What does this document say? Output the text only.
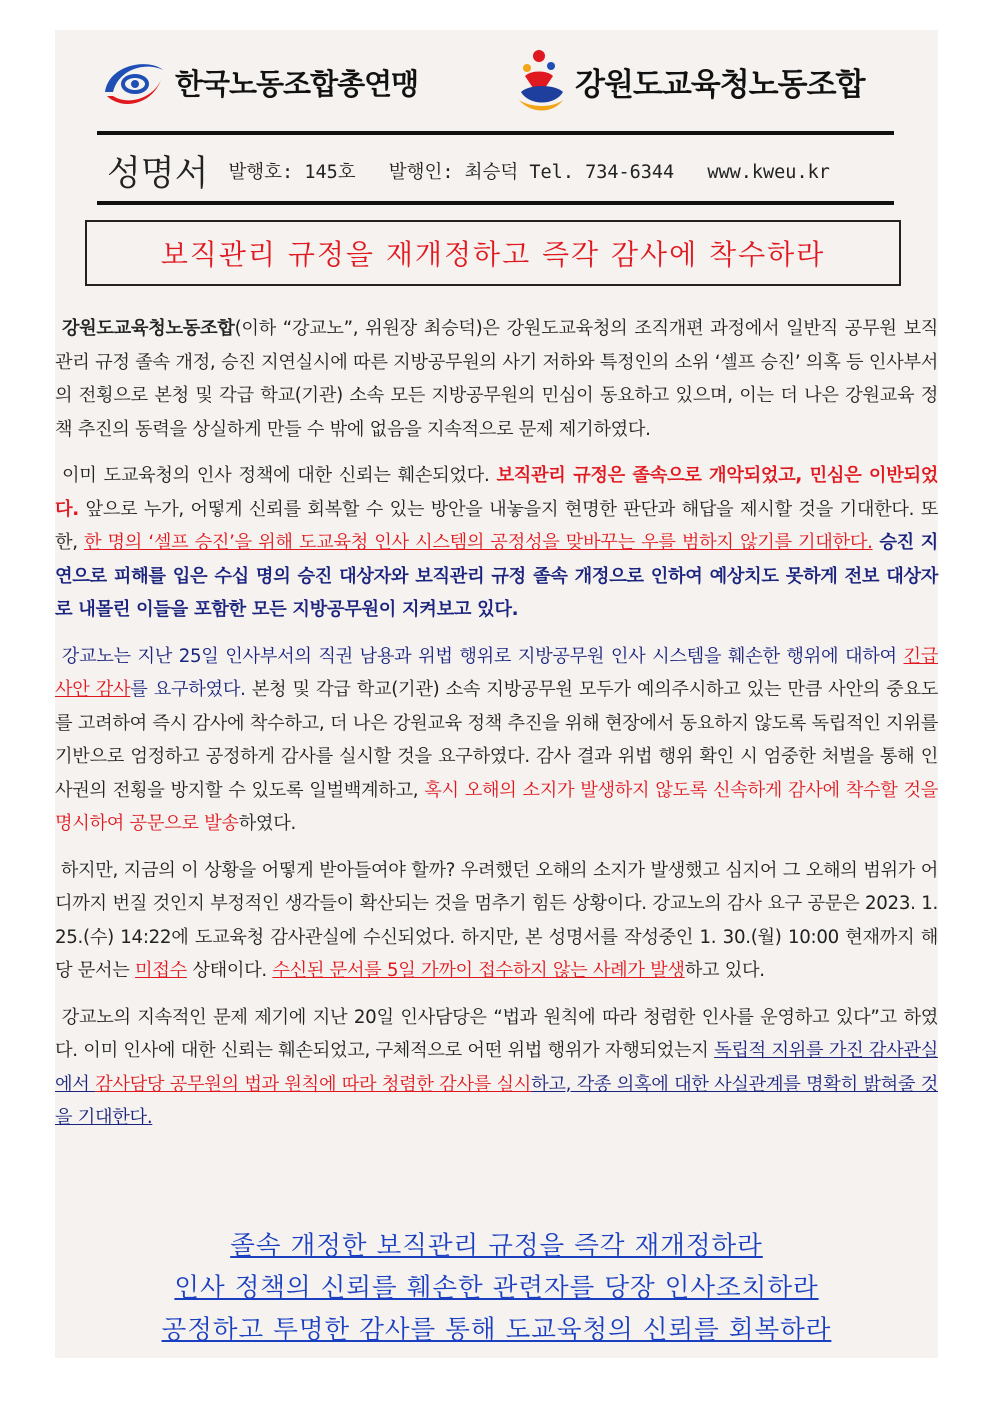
한국노동조합총연맹	강원도교육청노동조합
성명서 발행호: 145호 발행인: 최승덕 Tel. 734-6344 www.kweu.kr
보직관리 규정을 재개정하고 즉각 감사에 착수하라

강원도교육청노동조합(이하 “강교노”, 위원장 최승덕)은 강원도교육청의 조직개편 과정에서 일반직 공무원 보직관리 규정 졸속 개정, 승진 지연실시에 따른 지방공무원의 사기 저하와 특정인의 소위 ‘셀프 승진’ 의혹 등 인사부서의 전횡으로 본청 및 각급 학교(기관) 소속 모든 지방공무원의 민심이 동요하고 있으며, 이는 더 나은 강원교육 정책 추진의 동력을 상실하게 만들 수 밖에 없음을 지속적으로 문제 제기하였다.

이미 도교육청의 인사 정책에 대한 신뢰는 훼손되었다. 보직관리 규정은 졸속으로 개악되었고, 민심은 이반되었다. 앞으로 누가, 어떻게 신뢰를 회복할 수 있는 방안을 내놓을지 현명한 판단과 해답을 제시할 것을 기대한다. 또한, 한 명의 ‘셀프 승진’을 위해 도교육청 인사 시스템의 공정성을 맞바꾸는 우를 범하지 않기를 기대한다. 승진 지연으로 피해를 입은 수십 명의 승진 대상자와 보직관리 규정 졸속 개정으로 인하여 예상치도 못하게 전보 대상자로 내몰린 이들을 포함한 모든 지방공무원이 지켜보고 있다.

강교노는 지난 25일 인사부서의 직권 남용과 위법 행위로 지방공무원 인사 시스템을 훼손한 행위에 대하여 긴급 사안 감사를 요구하였다. 본청 및 각급 학교(기관) 소속 지방공무원 모두가 예의주시하고 있는 만큼 사안의 중요도를 고려하여 즉시 감사에 착수하고, 더 나은 강원교육 정책 추진을 위해 현장에서 동요하지 않도록 독립적인 지위를 기반으로 엄정하고 공정하게 감사를 실시할 것을 요구하였다. 감사 결과 위법 행위 확인 시 엄중한 처벌을 통해 인사권의 전횡을 방지할 수 있도록 일벌백계하고, 혹시 오해의 소지가 발생하지 않도록 신속하게 감사에 착수할 것을 명시하여 공문으로 발송하였다.

하지만, 지금의 이 상황을 어떻게 받아들여야 할까? 우려했던 오해의 소지가 발생했고 심지어 그 오해의 범위가 어디까지 번질 것인지 부정적인 생각들이 확산되는 것을 멈추기 힘든 상황이다. 강교노의 감사 요구 공문은 2023. 1. 25.(수) 14:22에 도교육청 감사관실에 수신되었다. 하지만, 본 성명서를 작성중인 1. 30.(월) 10:00 현재까지 해당 문서는 미접수 상태이다. 수신된 문서를 5일 가까이 접수하지 않는 사례가 발생하고 있다.

강교노의 지속적인 문제 제기에 지난 20일 인사담당은 “법과 원칙에 따라 청렴한 인사를 운영하고 있다”고 하였다. 이미 인사에 대한 신뢰는 훼손되었고, 구체적으로 어떤 위법 행위가 자행되었는지 독립적 지위를 가진 감사관실에서 감사담당 공무원의 법과 원칙에 따라 청렴한 감사를 실시하고, 각종 의혹에 대한 사실관계를 명확히 밝혀줄 것을 기대한다.

졸속 개정한 보직관리 규정을 즉각 재개정하라
인사 정책의 신뢰를 훼손한 관련자를 당장 인사조치하라
공정하고 투명한 감사를 통해 도교육청의 신뢰를 회복하라
